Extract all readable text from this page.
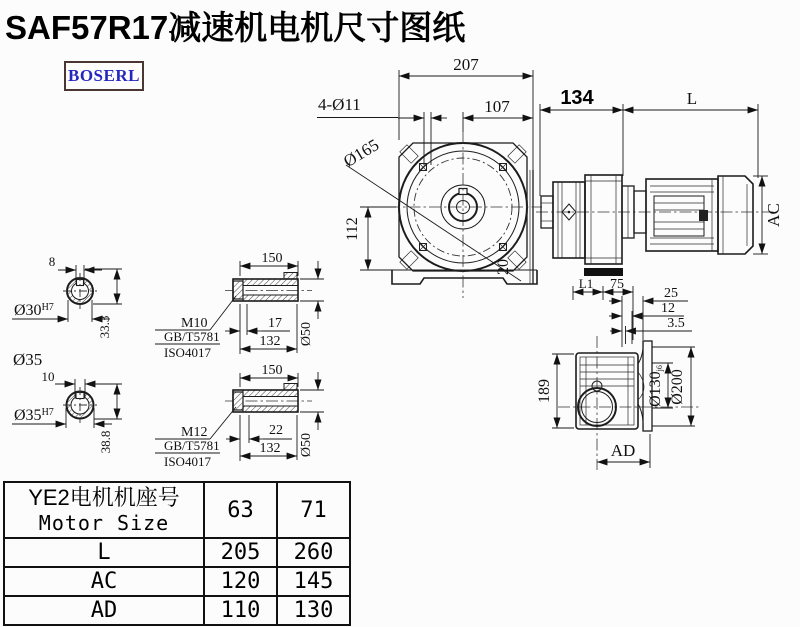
SAF57R17减速机电机尺寸图纸
BOSERL
207
107
4-Ø11
Ø165
112
20
134	L
AC
L1 75
25
12
3.5
189	Ø130j6
Ø200
AD
8
$Ø30^{H7}$
33.3
Ø35
10
$Ø35^{H7}$
38.8
150
M10
GB/T5781
ISO4017
17
132 Ø50
150
M12
GB/T5781
ISO4017
22
132 Ø50
YE2电机机座号
Motor Size	63	71
L	205	260
AC	120	145
AD	110	130
